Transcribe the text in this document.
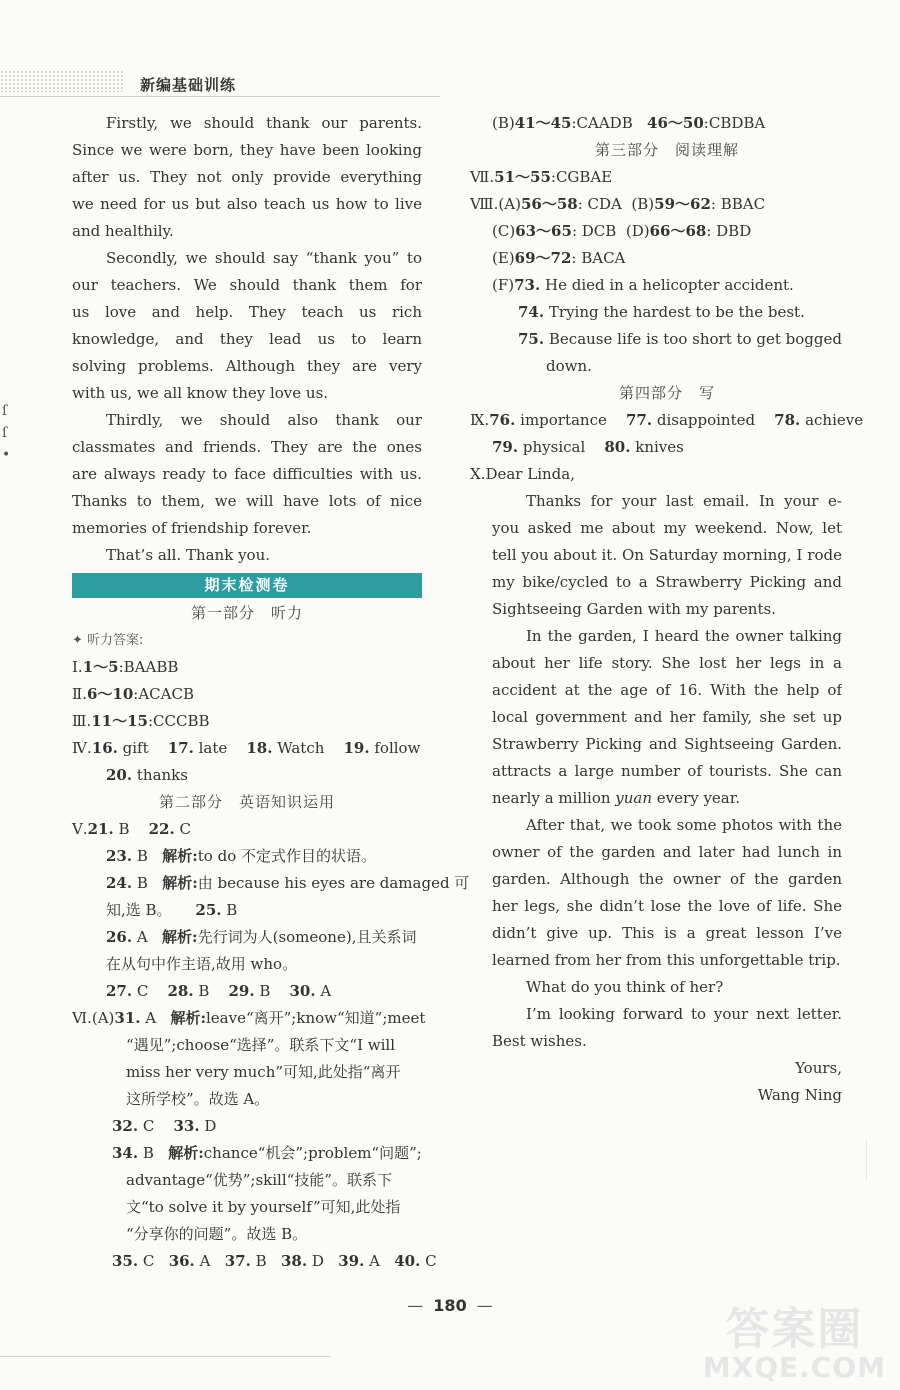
新编基础训练
ſ
ſ
•
Firstly, we should thank our parents.
Since we were born, they have been looking
after us. They not only provide everything
we need for us but also teach us how to live
and healthily.
Secondly, we should say “thank you” to
our teachers. We should thank them for
us love and help. They teach us rich
knowledge, and they lead us to learn
solving problems. Although they are very
with us, we all know they love us.
Thirdly, we should also thank our
classmates and friends. They are the ones
are always ready to face difficulties with us.
Thanks to them, we will have lots of nice
memories of friendship forever.
That’s all. Thank you.
期末检测卷
第一部分　听力
✦ 听力答案:
Ⅰ.1～5:BAABB
Ⅱ.6～10:ACACB
Ⅲ.11～15:CCCBB
Ⅳ.16. gift 17. late 18. Watch 19. follow
20. thanks
第二部分　英语知识运用
Ⅴ.21. B 22. C
23. B 解析:to do 不定式作目的状语。
24. B 解析:由 because his eyes are damaged 可
知,选 B。 25. B
26. A 解析:先行词为人(someone),且关系词
在从句中作主语,故用 who。
27. C 28. B 29. B 30. A
Ⅵ.(A)31. A 解析:leave“离开”;know“知道”;meet
“遇见”;choose“选择”。联系下文“I will
miss her very much”可知,此处指“离开
这所学校”。故选 A。
32. C 33. D
34. B 解析:chance“机会”;problem“问题”;
advantage“优势”;skill“技能”。联系下
文“to solve it by yourself”可知,此处指
“分享你的问题”。故选 B。
35. C 36. A 37. B 38. D 39. A 40. C
(B)41～45:CAADB 46～50:CBDBA
第三部分　阅读理解
Ⅶ.51～55:CGBAE
Ⅷ.(A)56～58: CDA (B)59～62: BBAC
(C)63～65: DCB (D)66～68: DBD
(E)69～72: BACA
(F)73. He died in a helicopter accident.
74. Trying the hardest to be the best.
75. Because life is too short to get bogged
down.
第四部分　写
Ⅸ.76. importance 77. disappointed 78. achieve
79. physical 80. knives
Ⅹ.Dear Linda,
Thanks for your last email. In your e-
you asked me about my weekend. Now, let
tell you about it. On Saturday morning, I rode
my bike/cycled to a Strawberry Picking and
Sightseeing Garden with my parents.
In the garden, I heard the owner talking
about her life story. She lost her legs in a
accident at the age of 16. With the help of
local government and her family, she set up
Strawberry Picking and Sightseeing Garden.
attracts a large number of tourists. She can
nearly a million yuan every year.
After that, we took some photos with the
owner of the garden and later had lunch in
garden. Although the owner of the garden
her legs, she didn’t lose the love of life. She
didn’t give up. This is a great lesson I’ve
learned from her from this unforgettable trip.
What do you think of her?
I’m looking forward to your next letter.
Best wishes.
Yours,
Wang Ning
— 180 —	答案圈
MXQE.COM
